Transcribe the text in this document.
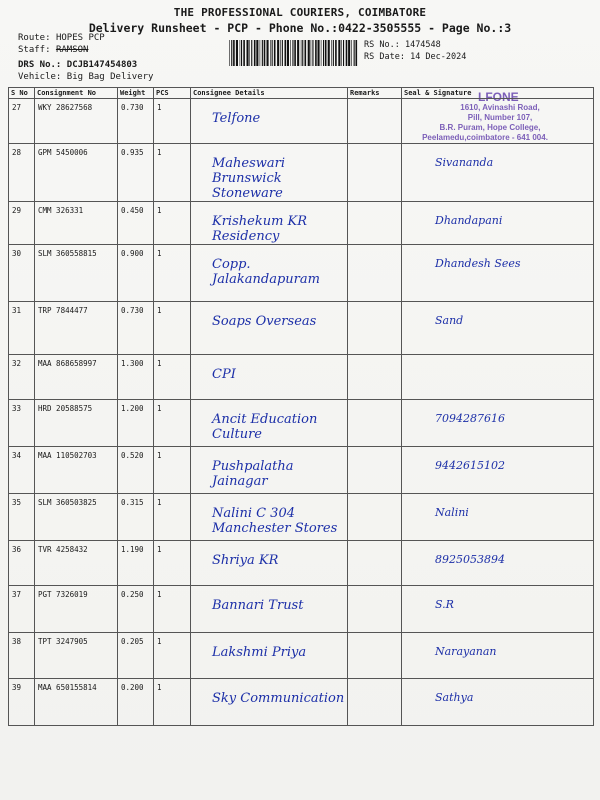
THE PROFESSIONAL COURIERS, COIMBATORE
Delivery Runsheet - PCP - Phone No.:0422-3505555 - Page No.:3
Route: HOPES PCP
Staff: RAMSON
DRS No.: DCJB147454803
Vehicle: Big Bag Delivery
RS No.: 1474548
RS Date: 14 Dec-2024
LFONE
1610, Avinashi Road,
Pill, Number 107,
B.R. Puram, Hope College,
Peelamedu,coimbatore - 641 004.
S No	Consignment No	Weight	PCS	Consignee Details	Remarks	Seal & Signature
27	WKY 28627568	0.730	1	Telfone		
28	GPM 5450006	0.935	1	Maheswari Brunswick Stoneware		Sivananda
29	CMM 326331	0.450	1	Krishekum KR Residency		Dhandapani
30	SLM 360558815	0.900	1	Copp. Jalakandapuram		Dhandesh Sees
31	TRP 7844477	0.730	1	Soaps Overseas		Sand
32	MAA 868658997	1.300	1	CPI		
33	HRD 20588575	1.200	1	Ancit Education Culture		7094287616
34	MAA 110502703	0.520	1	Pushpalatha Jainagar		9442615102
35	SLM 360503825	0.315	1	Nalini C 304 Manchester Stores		Nalini
36	TVR 4258432	1.190	1	Shriya KR		8925053894
37	PGT 7326019	0.250	1	Bannari Trust		S.R
38	TPT 3247905	0.205	1	Lakshmi Priya		Narayanan
39	MAA 650155814	0.200	1	Sky Communication		Sathya
